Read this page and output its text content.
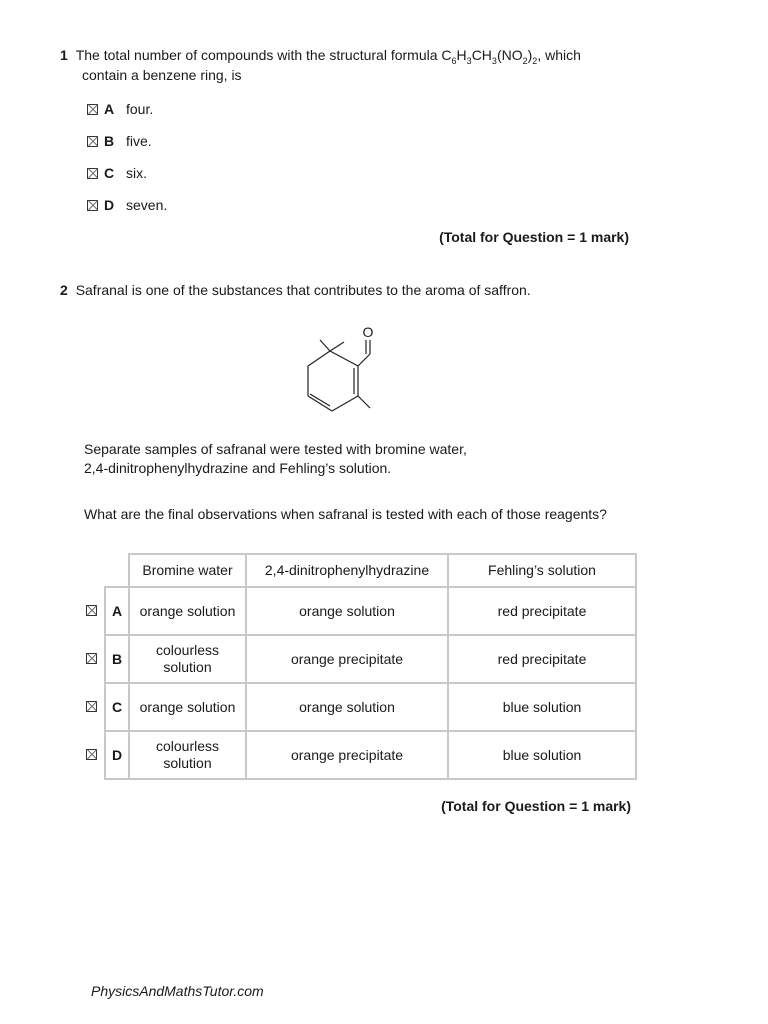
1 The total number of compounds with the structural formula $C_6H_3CH_3(NO_2)_2$, which
contain a benzene ring, is
A four.
B five.
C six.
D seven.
(Total for Question = 1 mark)
2 Safranal is one of the substances that contributes to the aroma of saffron.
O
Separate samples of safranal were tested with bromine water,
2,4-dinitrophenylhydrazine and Fehling’s solution.
What are the final observations when safranal is tested with each of those reagents?
		Bromine water	2,4-dinitrophenylhydrazine	Fehling’s solution
	A	orange solution	orange solution	red precipitate
	B	colourless solution	orange precipitate	red precipitate
	C	orange solution	orange solution	blue solution
	D	colourless solution	orange precipitate	blue solution
(Total for Question = 1 mark)
PhysicsAndMathsTutor.com
